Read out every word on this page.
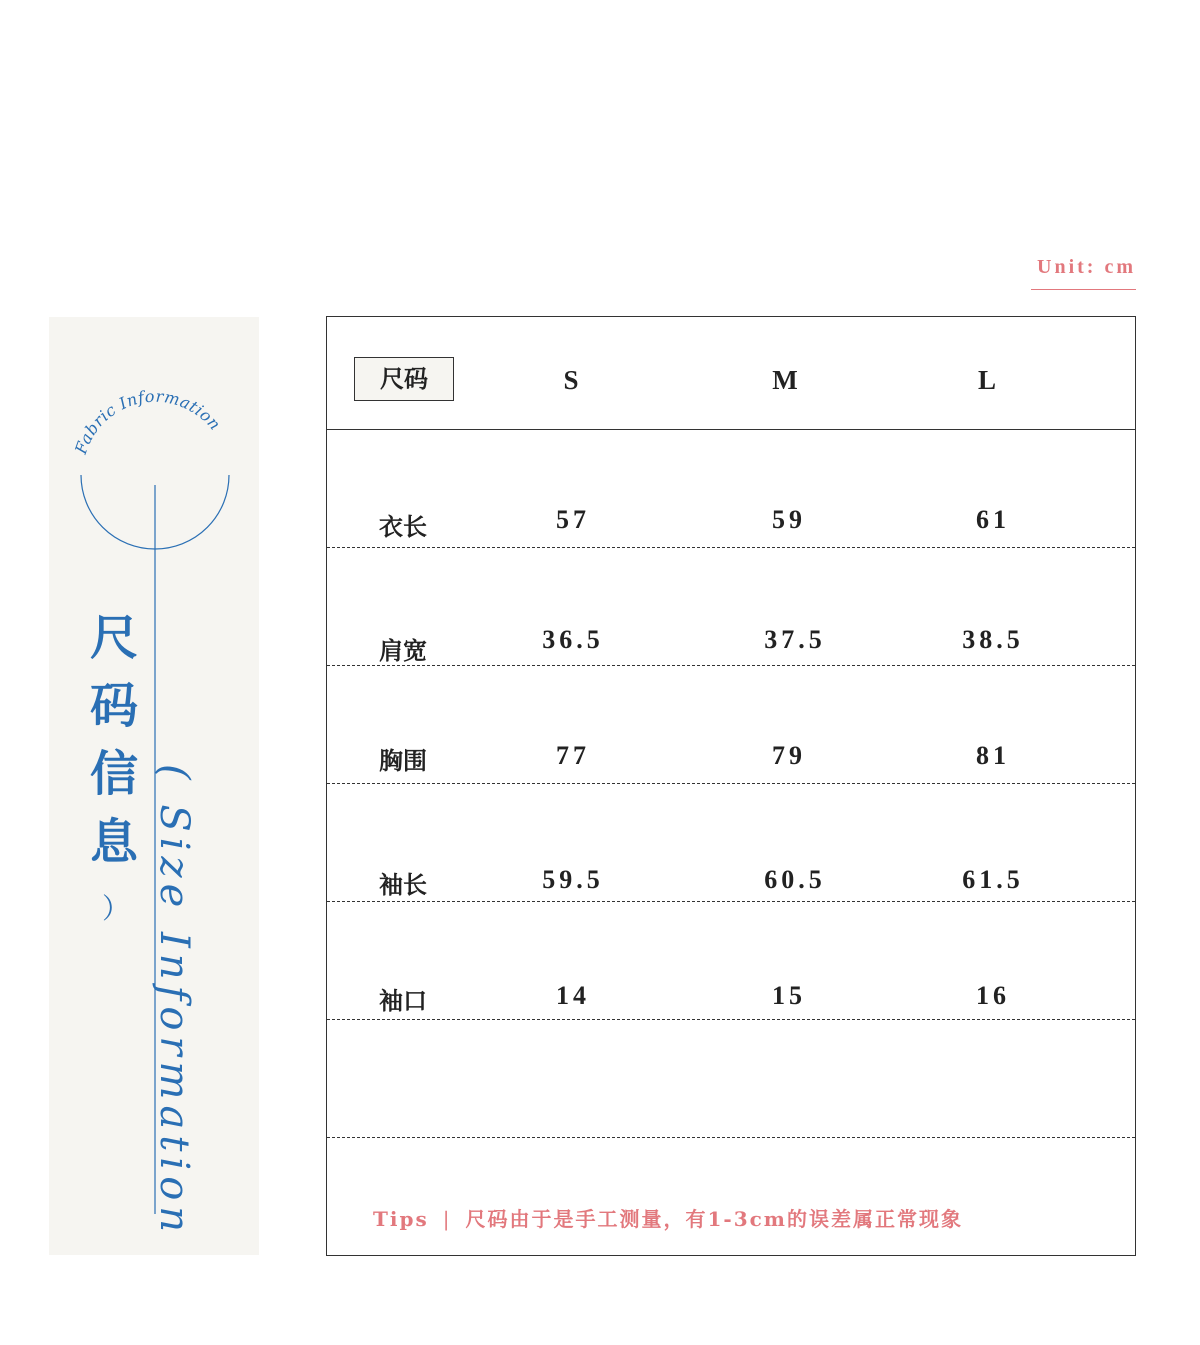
Unit: cm
Fabric Information
尺
码
信
息
） ( Size Information
尺码	S	M	L
衣长	57	59	61
肩宽	36.5	37.5	38.5
胸围	77	79	81
袖长	59.5	60.5	61.5
袖口	14	15	16
Tips | 尺码由于是手工测量，有1-3cm的误差属正常现象
